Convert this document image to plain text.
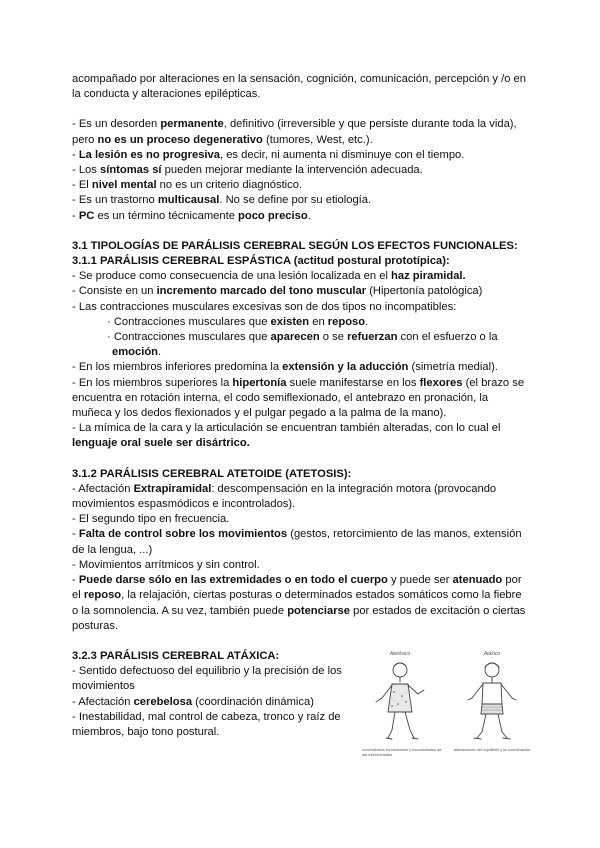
acompañado por alteraciones en la sensación, cognición, comunicación, percepción y /o en

la conducta y alteraciones epilépticas.

- Es un desorden permanente, definitivo (irreversible y que persiste durante toda la vida), pero no es un proceso degenerativo (tumores, West, etc.).

- La lesión es no progresiva, es decir, ni aumenta ni disminuye con el tiempo.

- Los síntomas sí pueden mejorar mediante la intervención adecuada.

- El nivel mental no es un criterio diagnóstico.

- Es un trastorno multicausal. No se define por su etiología.

- PC es un término técnicamente poco preciso.

3.1 TIPOLOGÍAS DE PARÁLISIS CEREBRAL SEGÚN LOS EFECTOS FUNCIONALES:
3.1.1 PARÁLISIS CEREBRAL ESPÁSTICA (actitud postural prototípica):

- Se produce como consecuencia de una lesión localizada en el haz piramidal.

- Consiste en un incremento marcado del tono muscular (Hipertonía patológica)

- Las contracciones musculares excesivas son de dos tipos no incompatibles:

· Contracciones musculares que existen en reposo.

· Contracciones musculares que aparecen o se refuerzan con el esfuerzo o la

emoción.

- En los miembros inferiores predomina la extensión y la aducción (simetría medial).

- En los miembros superiores la hipertonía suele manifestarse en los flexores (el brazo se encuentra en rotación interna, el codo semiflexionado, el antebrazo en pronación, la muñeca y los dedos flexionados y el pulgar pegado a la palma de la mano).

- La mímica de la cara y la articulación se encuentran también alteradas, con lo cual el lenguaje oral suele ser disártrico.

3.1.2 PARÁLISIS CEREBRAL ATETOIDE (ATETOSIS):

- Afectación Extrapiramidal: descompensación en la integración motora (provocando movimientos espasmódicos e incontrolados).

- El segundo tipo en frecuencia.

- Falta de control sobre los movimientos (gestos, retorcimiento de las manos, extensión de la lengua, ...)

- Movimientos arrítmicos y sin control.

- Puede darse sólo en las extremidades o en todo el cuerpo y puede ser atenuado por el reposo, la relajación, ciertas posturas o determinados estados somáticos como la fiebre o la somnolencia. A su vez, también puede potenciarse por estados de excitación o ciertas posturas.

3.2.3 PARÁLISIS CEREBRAL ATÁXICA:

- Sentido defectuoso del equilibrio y la precisión de los movimientos

- Afectación cerebelosa (coordinación dinámica)

- Inestabilidad, mal control de cabeza, tronco y raíz de miembros, bajo tono postural.

Atetósico
movimientos involuntarios y incontrolados de las extremidades
Atáxico
alteraciones del equilibrio y la coordinación
